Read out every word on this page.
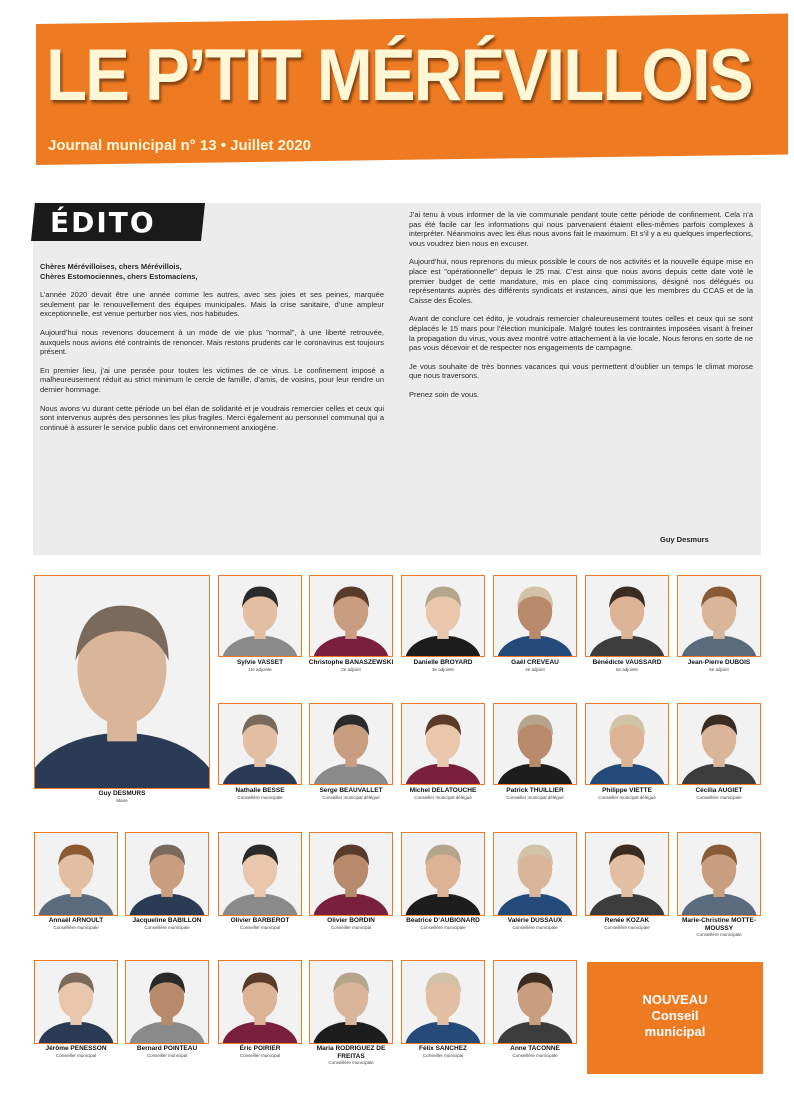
LE P’TIT MÉRÉVILLOIS
Journal municipal n° 13 • Juillet 2020
ÉDITO

Chères Mérévilloises, chers Mérévillois,

Chères Estomociennes, chers Estomaciens,

L’année 2020 devait être une année comme les autres, avec ses joies et ses peines, marquée seulement par le renouvellement des équipes municipales. Mais la crise sanitaire, d’une ampleur exceptionnelle, est venue perturber nos vies, nos habitudes.

Aujourd’hui nous revenons doucement à un mode de vie plus "normal", à une liberté retrouvée, auxquels nous avions été contraints de renoncer. Mais restons prudents car le coronavirus est toujours présent.

En premier lieu, j’ai une pensée pour toutes les victimes de ce virus. Le confinement imposé a malheureusement réduit au strict minimum le cercle de famille, d’amis, de voisins, pour leur rendre un dernier hommage.

Nous avons vu durant cette période un bel élan de solidarité et je voudrais remercier celles et ceux qui sont intervenus auprès des personnes les plus fragiles. Merci également au personnel communal qui a continué à assurer le service public dans cet environnement anxiogène.

J’ai tenu à vous informer de la vie communale pendant toute cette période de confinement. Cela n’a pas été facile car les informations qui nous parvenaient étaient elles-mêmes parfois complexes à interpréter. Néanmoins avec les élus nous avons fait le maximum. Et s’il y a eu quelques imperfections, vous voudrez bien nous en excuser.

Aujourd’hui, nous reprenons du mieux possible le cours de nos activités et la nouvelle équipe mise en place est "opérationnelle" depuis le 25 mai. C’est ainsi que nous avons depuis cette date voté le premier budget de cette mandature, mis en place cinq commissions, désigné nos délégués ou représentants auprès des différents syndicats et instances, ainsi que les membres du CCAS et de la Caisse des Écoles.

Avant de conclure cet édito, je voudrais remercier chaleureusement toutes celles et ceux qui se sont déplacés le 15 mars pour l’élection municipale. Malgré toutes les contraintes imposées visant à freiner la propagation du virus, vous avez montré votre attachement à la vie locale. Nous ferons en sorte de ne pas vous décevoir et de respecter nos engagements de campagne.

Je vous souhaite de très bonnes vacances qui vous permettent d’oublier un temps le climat morose que nous traversons.

Prenez soin de vous.

Guy Desmurs
Guy DESMURS
Maire
Sylvie VASSET
1re adjointe
Christophe BANASZEWSKI
2e adjoint
Danielle BROYARD
3e adjointe
Gaël CREVEAU
4e adjoint
Bénédicte VAUSSARD
5e adjointe
Jean-Pierre DUBOIS
6e adjoint
Nathalie BESSE
Conseillère municipale
Serge BEAUVALLET
Conseiller municipal délégué
Michel DELATOUCHE
Conseiller municipal délégué
Patrick THUILLIER
Conseiller municipal délégué
Philippe VIETTE
Conseiller municipal délégué
Cécilia AUGIET
Conseillère municipale
Annaël ARNOULT
Conseillère municipale
Jacqueline BABILLON
Conseillère municipale
Olivier BARBEROT
Conseiller municipal
Olivier BORDIN
Conseiller municipal
Béatrice D’AUBIGNARD
Conseillère municipale
Valérie DUSSAUX
Conseillère municipale
Renée KOZAK
Conseillère municipale
Marie-Christine MOTTE-MOUSSY
Conseillère municipale
Jérôme PENESSON
Conseiller municipal
Bernard POINTEAU
Conseiller municipal
Éric POIRIER
Conseiller municipal
Maria RODRIGUEZ DE FREITAS
Conseillère municipale
Félix SANCHEZ
Conseiller municipal
Anne TACONNE
Conseillère municipale
NOUVEAU
Conseil
municipal
